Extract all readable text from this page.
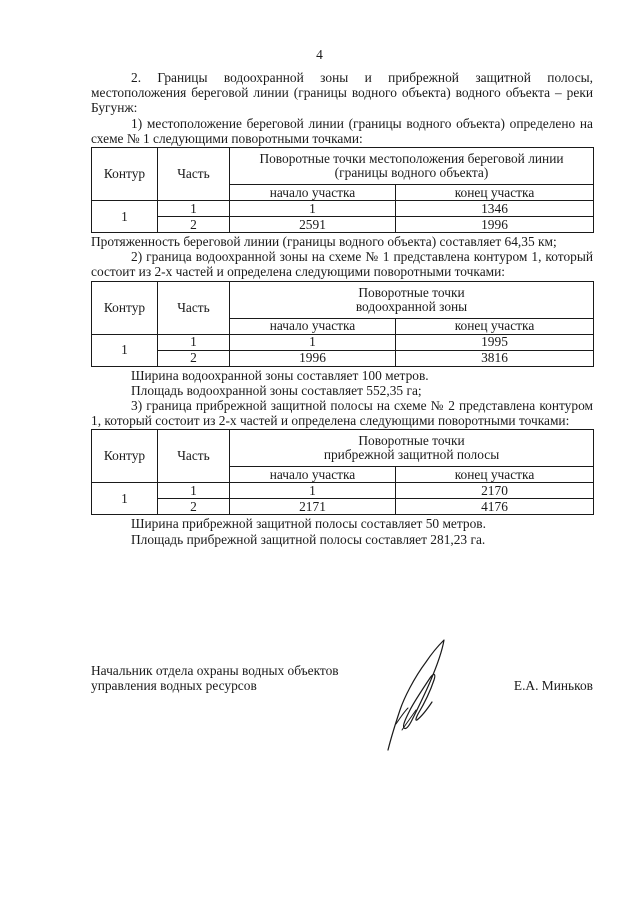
4

2. Границы водоохранной зоны и прибрежной защитной полосы, местоположения береговой линии (границы водного объекта) водного объекта – реки Бугунж:

1) местоположение береговой линии (границы водного объекта) определено на схеме № 1 следующими поворотными точками:

Контур	Часть	Поворотные точки местоположения береговой линии (границы водного объекта)	
		начало участка	конец участка
1	1	1	1346
	2	2591	1996

Протяженность береговой линии (границы водного объекта) составляет 64,35 км;

2) граница водоохранной зоны на схеме № 1 представлена контуром 1, который состоит из 2-х частей и определена следующими поворотными точками:

Контур	Часть	Поворотные точки
водоохранной зоны	
		начало участка	конец участка
1	1	1	1995
	2	1996	3816

Ширина водоохранной зоны составляет 100 метров.

Площадь водоохранной зоны составляет 552,35 га;

3) граница прибрежной защитной полосы на схеме № 2 представлена контуром 1, который состоит из 2-х частей и определена следующими поворотными точками:

Контур	Часть	Поворотные точки
прибрежной защитной полосы	
		начало участка	конец участка
1	1	1	2170
	2	2171	4176

Ширина прибрежной защитной полосы составляет 50 метров.

Площадь прибрежной защитной полосы составляет 281,23 га.

Начальник отдела охраны водных объектов
управления водных ресурсов	Е.А. Миньков
